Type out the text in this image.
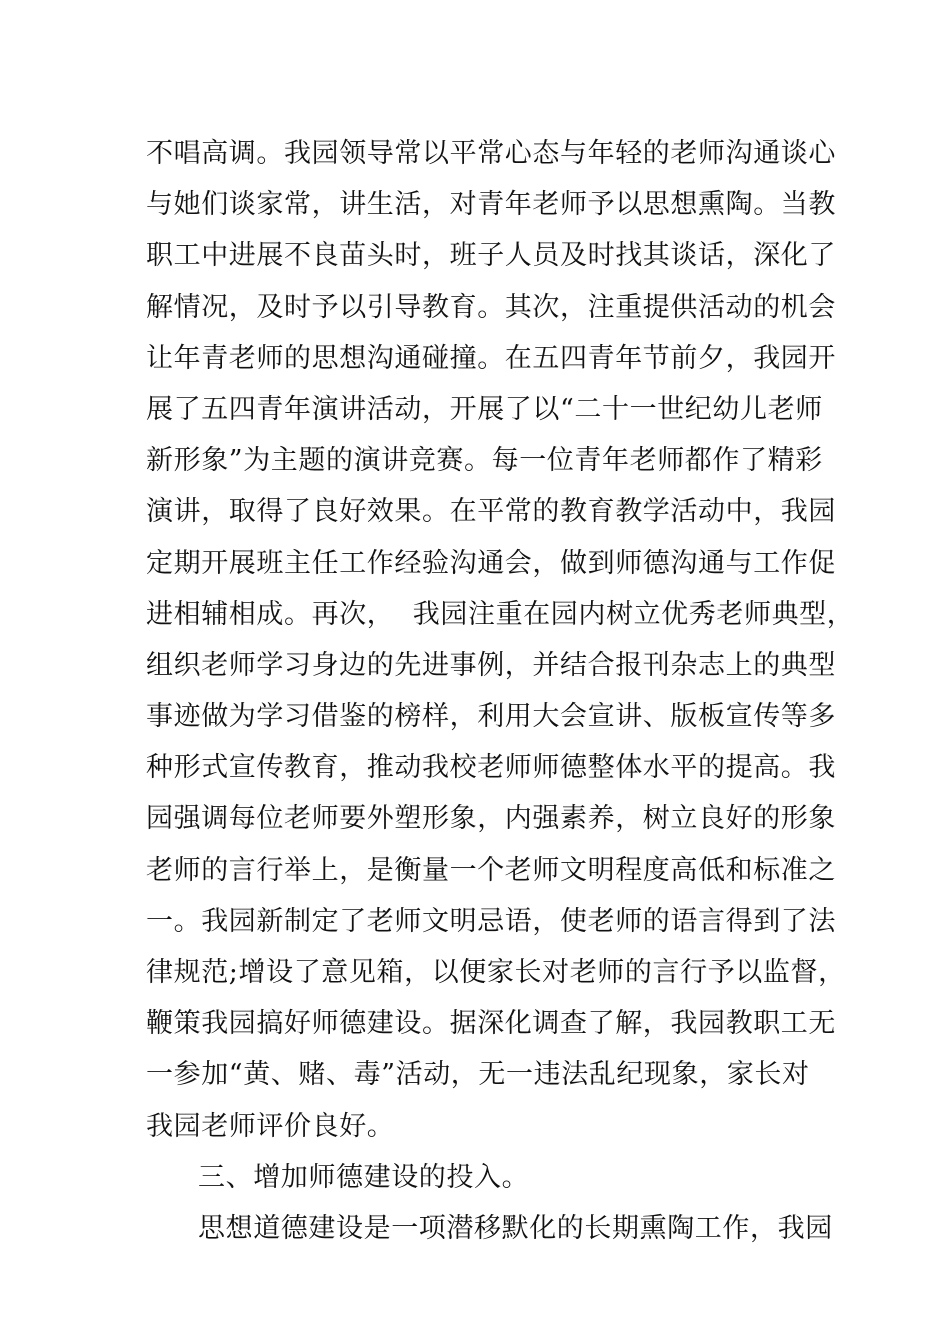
不唱高调。我园领导常以平常心态与年轻的老师沟通谈心
与她们谈家常，讲生活，对青年老师予以思想熏陶。当教
职工中进展不良苗头时，班子人员及时找其谈话，深化了
解情况，及时予以引导教育。其次，注重提供活动的机会
让年青老师的思想沟通碰撞。在五四青年节前夕，我园开
展了五四青年演讲活动，开展了以“二十一世纪幼儿老师
新形象”为主题的演讲竞赛。每一位青年老师都作了精彩
演讲，取得了良好效果。在平常的教育教学活动中，我园
定期开展班主任工作经验沟通会，做到师德沟通与工作促
进相辅相成。再次，  我园注重在园内树立优秀老师典型，
组织老师学习身边的先进事例，并结合报刊杂志上的典型
事迹做为学习借鉴的榜样，利用大会宣讲、版板宣传等多
种形式宣传教育，推动我校老师师德整体水平的提高。我
园强调每位老师要外塑形象，内强素养，树立良好的形象
老师的言行举上，是衡量一个老师文明程度高低和标准之
一。我园新制定了老师文明忌语，使老师的语言得到了法
律规范;增设了意见箱，以便家长对老师的言行予以监督，
鞭策我园搞好师德建设。据深化调查了解，我园教职工无
一参加“黄、赌、毒”活动，无一违法乱纪现象，家长对
我园老师评价良好。
三、增加师德建设的投入。
思想道德建设是一项潜移默化的长期熏陶工作，我园
